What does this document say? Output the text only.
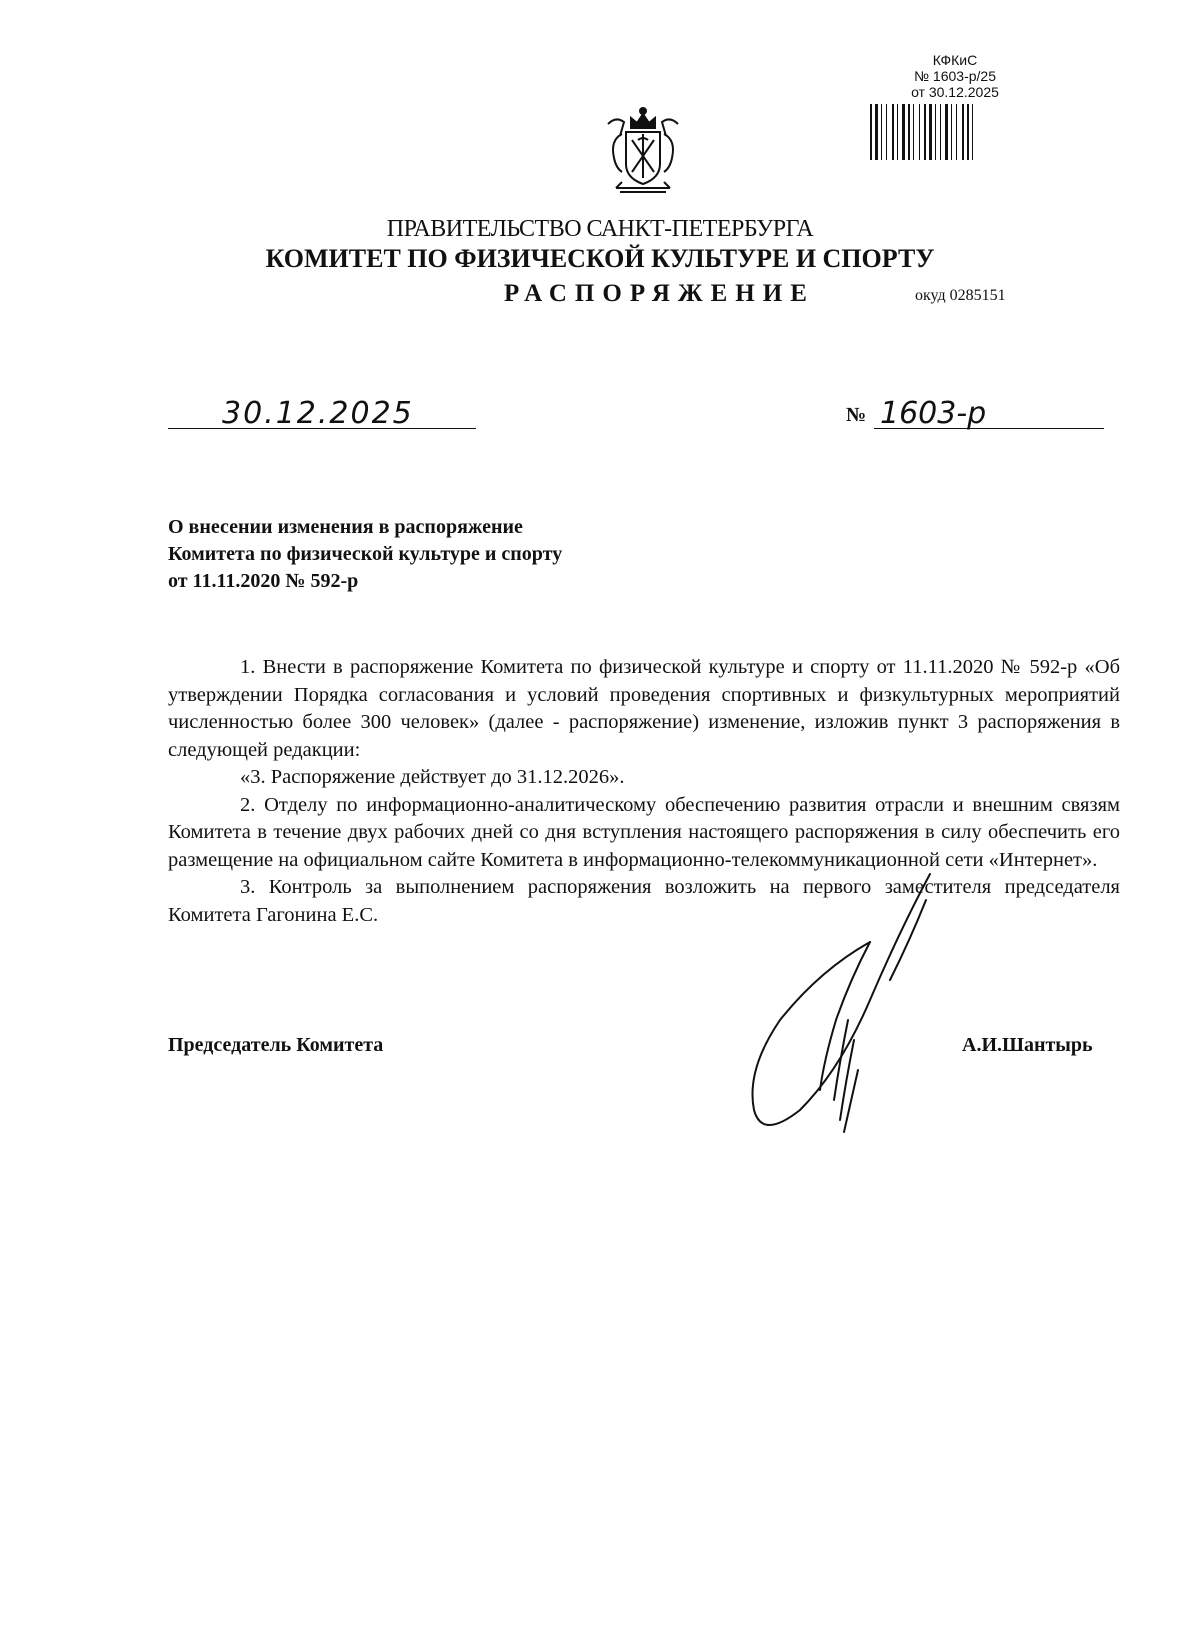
КФКиС
№ 1603-р/25
от 30.12.2025
ПРАВИТЕЛЬСТВО САНКТ-ПЕТЕРБУРГА
КОМИТЕТ ПО ФИЗИЧЕСКОЙ КУЛЬТУРЕ И СПОРТУ
РАСПОРЯЖЕНИЕ	окуд 0285151
30.12.2025	№ 1603-р
О внесении изменения в распоряжение
Комитета по физической культуре и спорту
от 11.11.2020 № 592-р

1. Внести в распоряжение Комитета по физической культуре и спорту от 11.11.2020 № 592-р «Об утверждении Порядка согласования и условий проведения спортивных и физкультурных мероприятий численностью более 300 человек» (далее - распоряжение) изменение, изложив пункт 3 распоряжения в следующей редакции:

«3. Распоряжение действует до 31.12.2026».

2. Отделу по информационно-аналитическому обеспечению развития отрасли и внешним связям Комитета в течение двух рабочих дней со дня вступления настоящего распоряжения в силу обеспечить его размещение на официальном сайте Комитета в информационно-телекоммуникационной сети «Интернет».

3. Контроль за выполнением распоряжения возложить на первого заместителя председателя Комитета Гагонина Е.С.

Председатель Комитета	А.И.Шантырь
